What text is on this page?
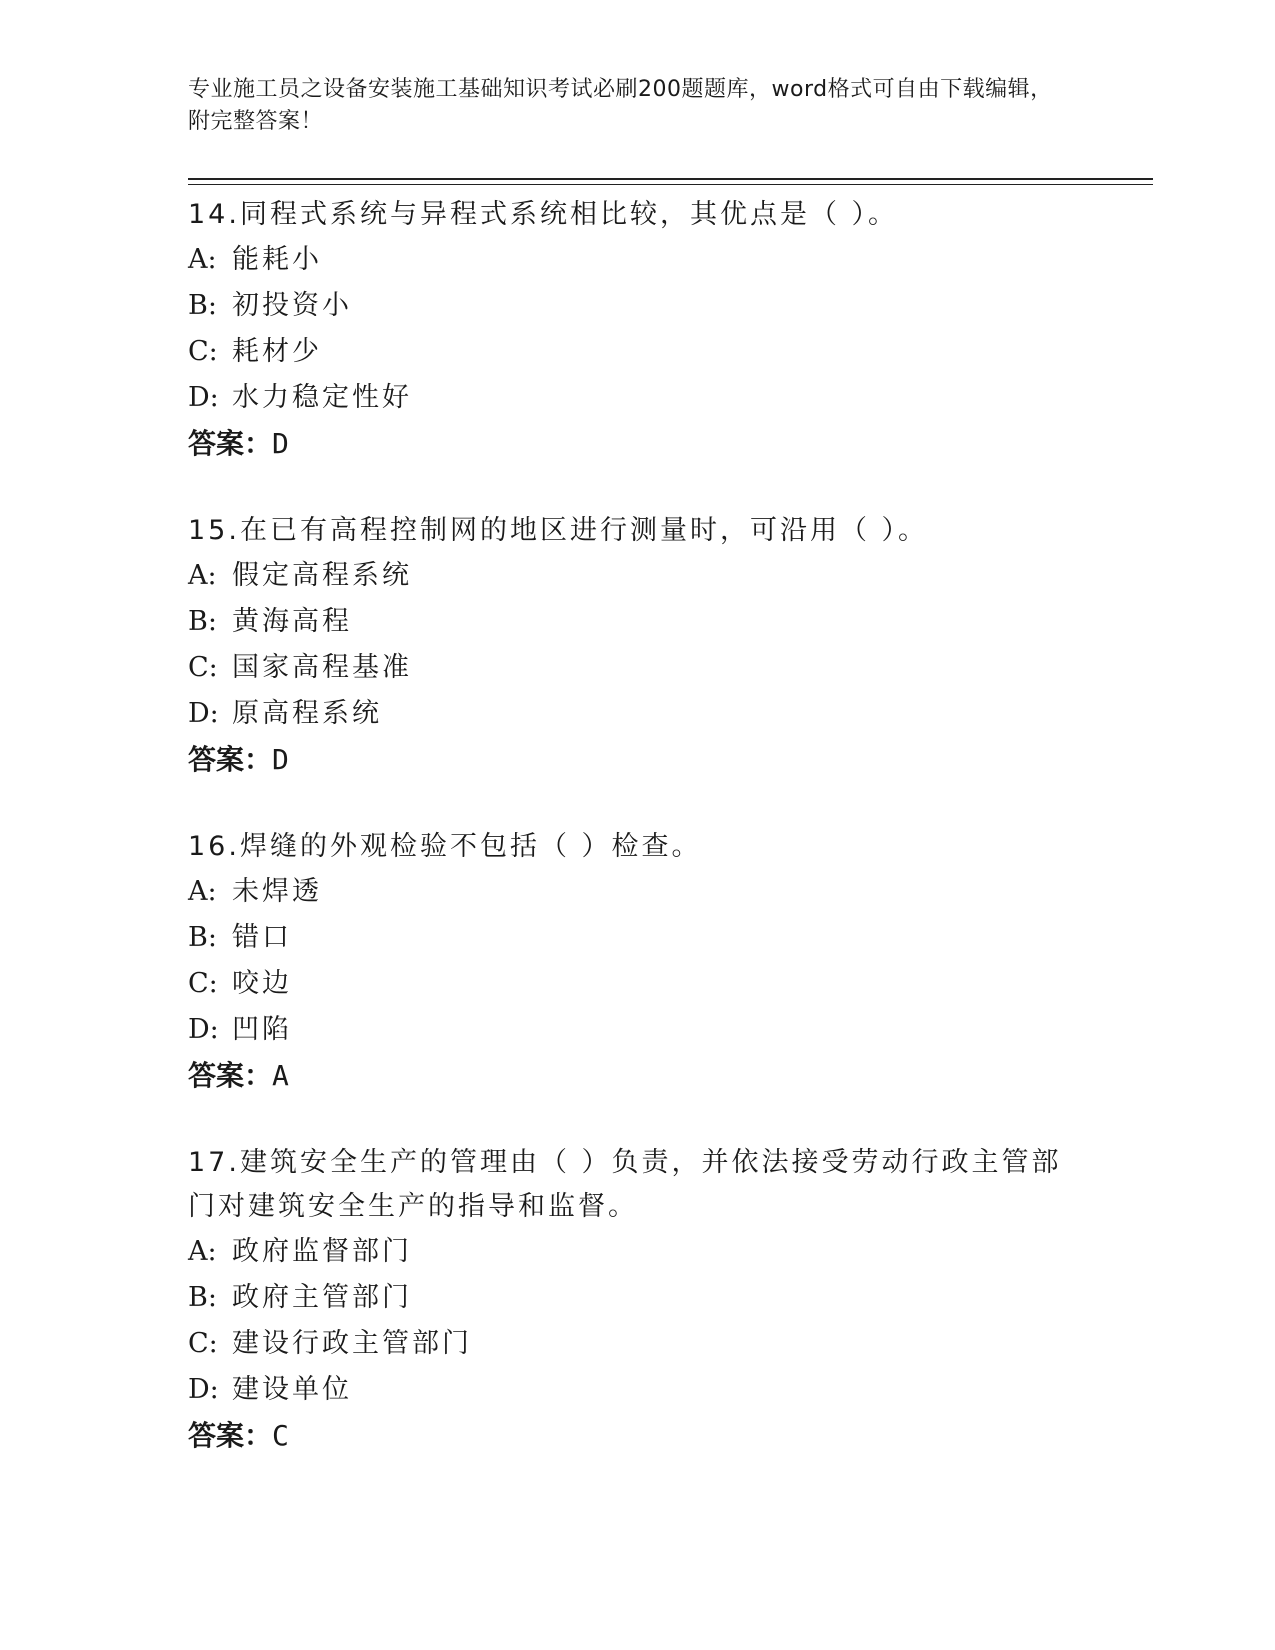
专业施工员之设备安装施工基础知识考试必刷200题题库，word格式可自由下载编辑，附完整答案！

14.同程式系统与异程式系统相比较，其优点是（ ）。

A: 能耗小
B: 初投资小
C: 耗材少
D: 水力稳定性好
答案：D

15.在已有高程控制网的地区进行测量时，可沿用（ ）。

A: 假定高程系统
B: 黄海高程
C: 国家高程基准
D: 原高程系统
答案：D

16.焊缝的外观检验不包括（ ）检查。

A: 未焊透
B: 错口
C: 咬边
D: 凹陷
答案：A

17.建筑安全生产的管理由（ ）负责，并依法接受劳动行政主管部门对建筑安全生产的指导和监督。

A: 政府监督部门
B: 政府主管部门
C: 建设行政主管部门
D: 建设单位
答案：C
